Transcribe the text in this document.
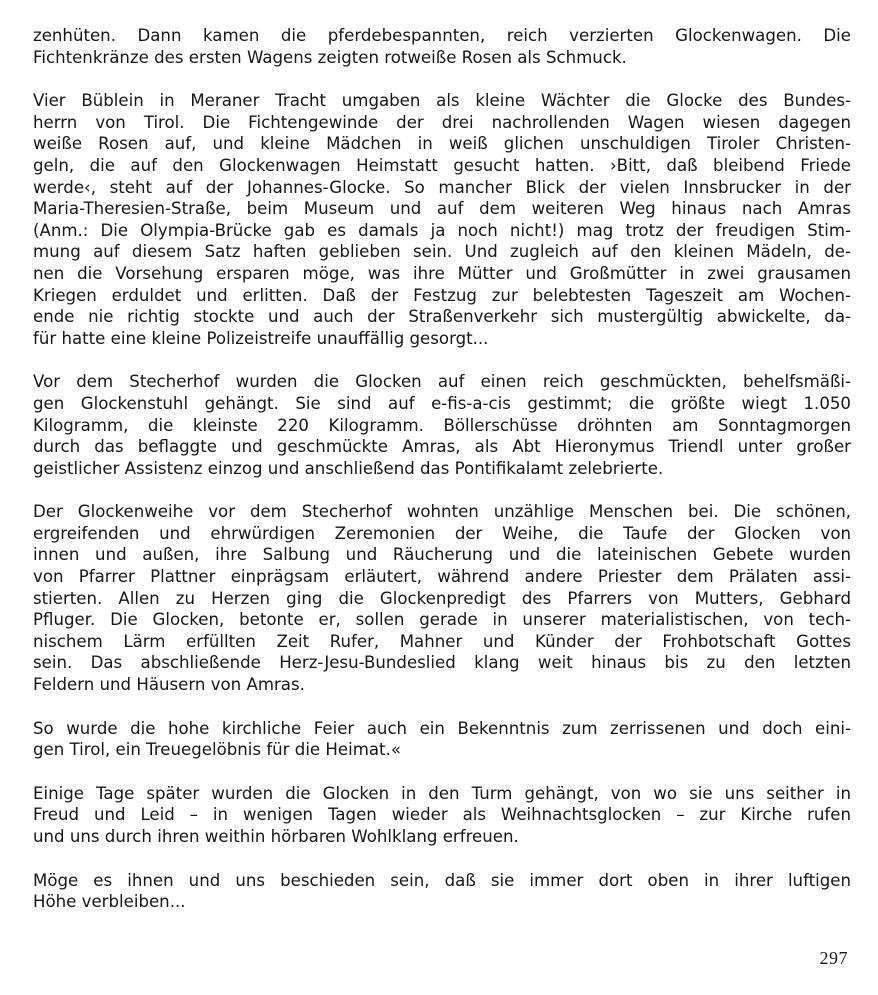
zenhüten. Dann kamen die pferdebespannten, reich verzierten Glockenwagen. Die
Fichtenkränze des ersten Wagens zeigten rotweiße Rosen als Schmuck.
Vier Büblein in Meraner Tracht umgaben als kleine Wächter die Glocke des Bundes-
herrn von Tirol. Die Fichtengewinde der drei nachrollenden Wagen wiesen dagegen
weiße Rosen auf, und kleine Mädchen in weiß glichen unschuldigen Tiroler Christen-
geln, die auf den Glockenwagen Heimstatt gesucht hatten. ›Bitt, daß bleibend Friede
werde‹, steht auf der Johannes-Glocke. So mancher Blick der vielen Innsbrucker in der
Maria-Theresien-Straße, beim Museum und auf dem weiteren Weg hinaus nach Amras
(Anm.: Die Olympia-Brücke gab es damals ja noch nicht!) mag trotz der freudigen Stim-
mung auf diesem Satz haften geblieben sein. Und zugleich auf den kleinen Mädeln, de-
nen die Vorsehung ersparen möge, was ihre Mütter und Großmütter in zwei grausamen
Kriegen erduldet und erlitten. Daß der Festzug zur belebtesten Tageszeit am Wochen-
ende nie richtig stockte und auch der Straßenverkehr sich mustergültig abwickelte, da-
für hatte eine kleine Polizeistreife unauffällig gesorgt...
Vor dem Stecherhof wurden die Glocken auf einen reich geschmückten, behelfsmäßi-
gen Glockenstuhl gehängt. Sie sind auf e-fis-a-cis gestimmt; die größte wiegt 1.050
Kilogramm, die kleinste 220 Kilogramm. Böllerschüsse dröhnten am Sonntagmorgen
durch das beflaggte und geschmückte Amras, als Abt Hieronymus Triendl unter großer
geistlicher Assistenz einzog und anschließend das Pontifikalamt zelebrierte.
Der Glockenweihe vor dem Stecherhof wohnten unzählige Menschen bei. Die schönen,
ergreifenden und ehrwürdigen Zeremonien der Weihe, die Taufe der Glocken von
innen und außen, ihre Salbung und Räucherung und die lateinischen Gebete wurden
von Pfarrer Plattner einprägsam erläutert, während andere Priester dem Prälaten assi-
stierten. Allen zu Herzen ging die Glockenpredigt des Pfarrers von Mutters, Gebhard
Pfluger. Die Glocken, betonte er, sollen gerade in unserer materialistischen, von tech-
nischem Lärm erfüllten Zeit Rufer, Mahner und Künder der Frohbotschaft Gottes
sein. Das abschließende Herz-Jesu-Bundeslied klang weit hinaus bis zu den letzten
Feldern und Häusern von Amras.
So wurde die hohe kirchliche Feier auch ein Bekenntnis zum zerrissenen und doch eini-
gen Tirol, ein Treuegelöbnis für die Heimat.«
Einige Tage später wurden die Glocken in den Turm gehängt, von wo sie uns seither in
Freud und Leid – in wenigen Tagen wieder als Weihnachtsglocken – zur Kirche rufen
und uns durch ihren weithin hörbaren Wohlklang erfreuen.
Möge es ihnen und uns beschieden sein, daß sie immer dort oben in ihrer luftigen
Höhe verbleiben...
297
